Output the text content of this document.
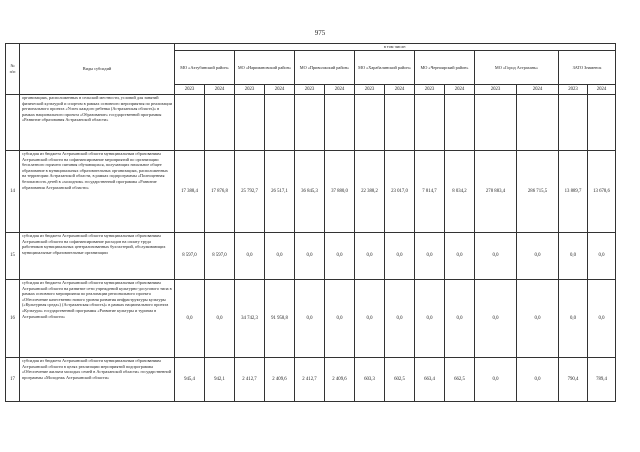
975
№
п/п	Виды субсидий	в том числе:													
		МО «Ахтубинский район»		МО «Наримановский район»		МО «Приволжский район»		МО «Харабалинский район»		МО «Черноярский район»		МО «Город Астрахань»		ЗАТО Знаменск	
		2023	2024	2023	2024	2023	2024	2023	2024	2023	2024	2023	2024	2023	2024
	организациях, расположенных в сельской местности, условий для занятий физической культурой и спортом в рамках основного мероприятия по реализации регионального проекта «Успех каждого ребенка (Астраханская область)» в рамках национального проекта «Образование» государственной программы «Развитие образования Астраханской области»														
14	субсидия из бюджета Астраханской области муниципальным образованиям Астраханской области на софинансирование мероприятий по организации бесплатного горячего питания обучающихся, получающих начальное общее образование в муниципальных образовательных организациях, расположенных на территории Астраханской области, в рамках подпрограммы «Полноценная безопасность детей в «холодном» государственной программы «Развитие образования Астраханской области»	17 388,4	17 876,8	25 792,7	26 517,1	36 845,3	37 880,0	22 388,2	23 017,0	7 814,7	8 034,2	278 883,4	286 715,5	13 889,7	13 678,6
15	субсидия из бюджета Астраханской области муниципальным образованиям Астраханской области на софинансирование расходов на оплату труда работников муниципальных централизованных бухгалтерий, обслуживающих муниципальные образовательные организации	8 597,0	8 597,0	0,0	0,0	0,0	0,0	0,0	0,0	0,0	0,0	0,0	0,0	0,0	0,0
16	субсидия из бюджета Астраханской области муниципальным образованиям Астраханской области на развитие сети учреждений культурно-досугового типа в рамках основного мероприятия по реализации регионального проекта «Обеспечение качественно нового уровня развития инфраструктуры культуры («Культурная среда») (Астраханская область)» в рамках национального проекта «Культура» государственной программы «Развитие культуры и туризма в Астраханской области»	0,0	0,0	34 742,3	91 958,8	0,0	0,0	0,0	0,0	0,0	0,0	0,0	0,0	0,0	0,0
17	субсидия из бюджета Астраханской области муниципальным образованиям Астраханской области в целях реализации мероприятий подпрограммы «Обеспечение жильем молодых семей в Астраханской области» государственной программы «Молодежь Астраханской области»	945,4	942,1	2 412,7	2 409,6	2 412,7	2 409,6	603,3	602,5	663,4	662,5	0,0	0,0	790,4	789,4
